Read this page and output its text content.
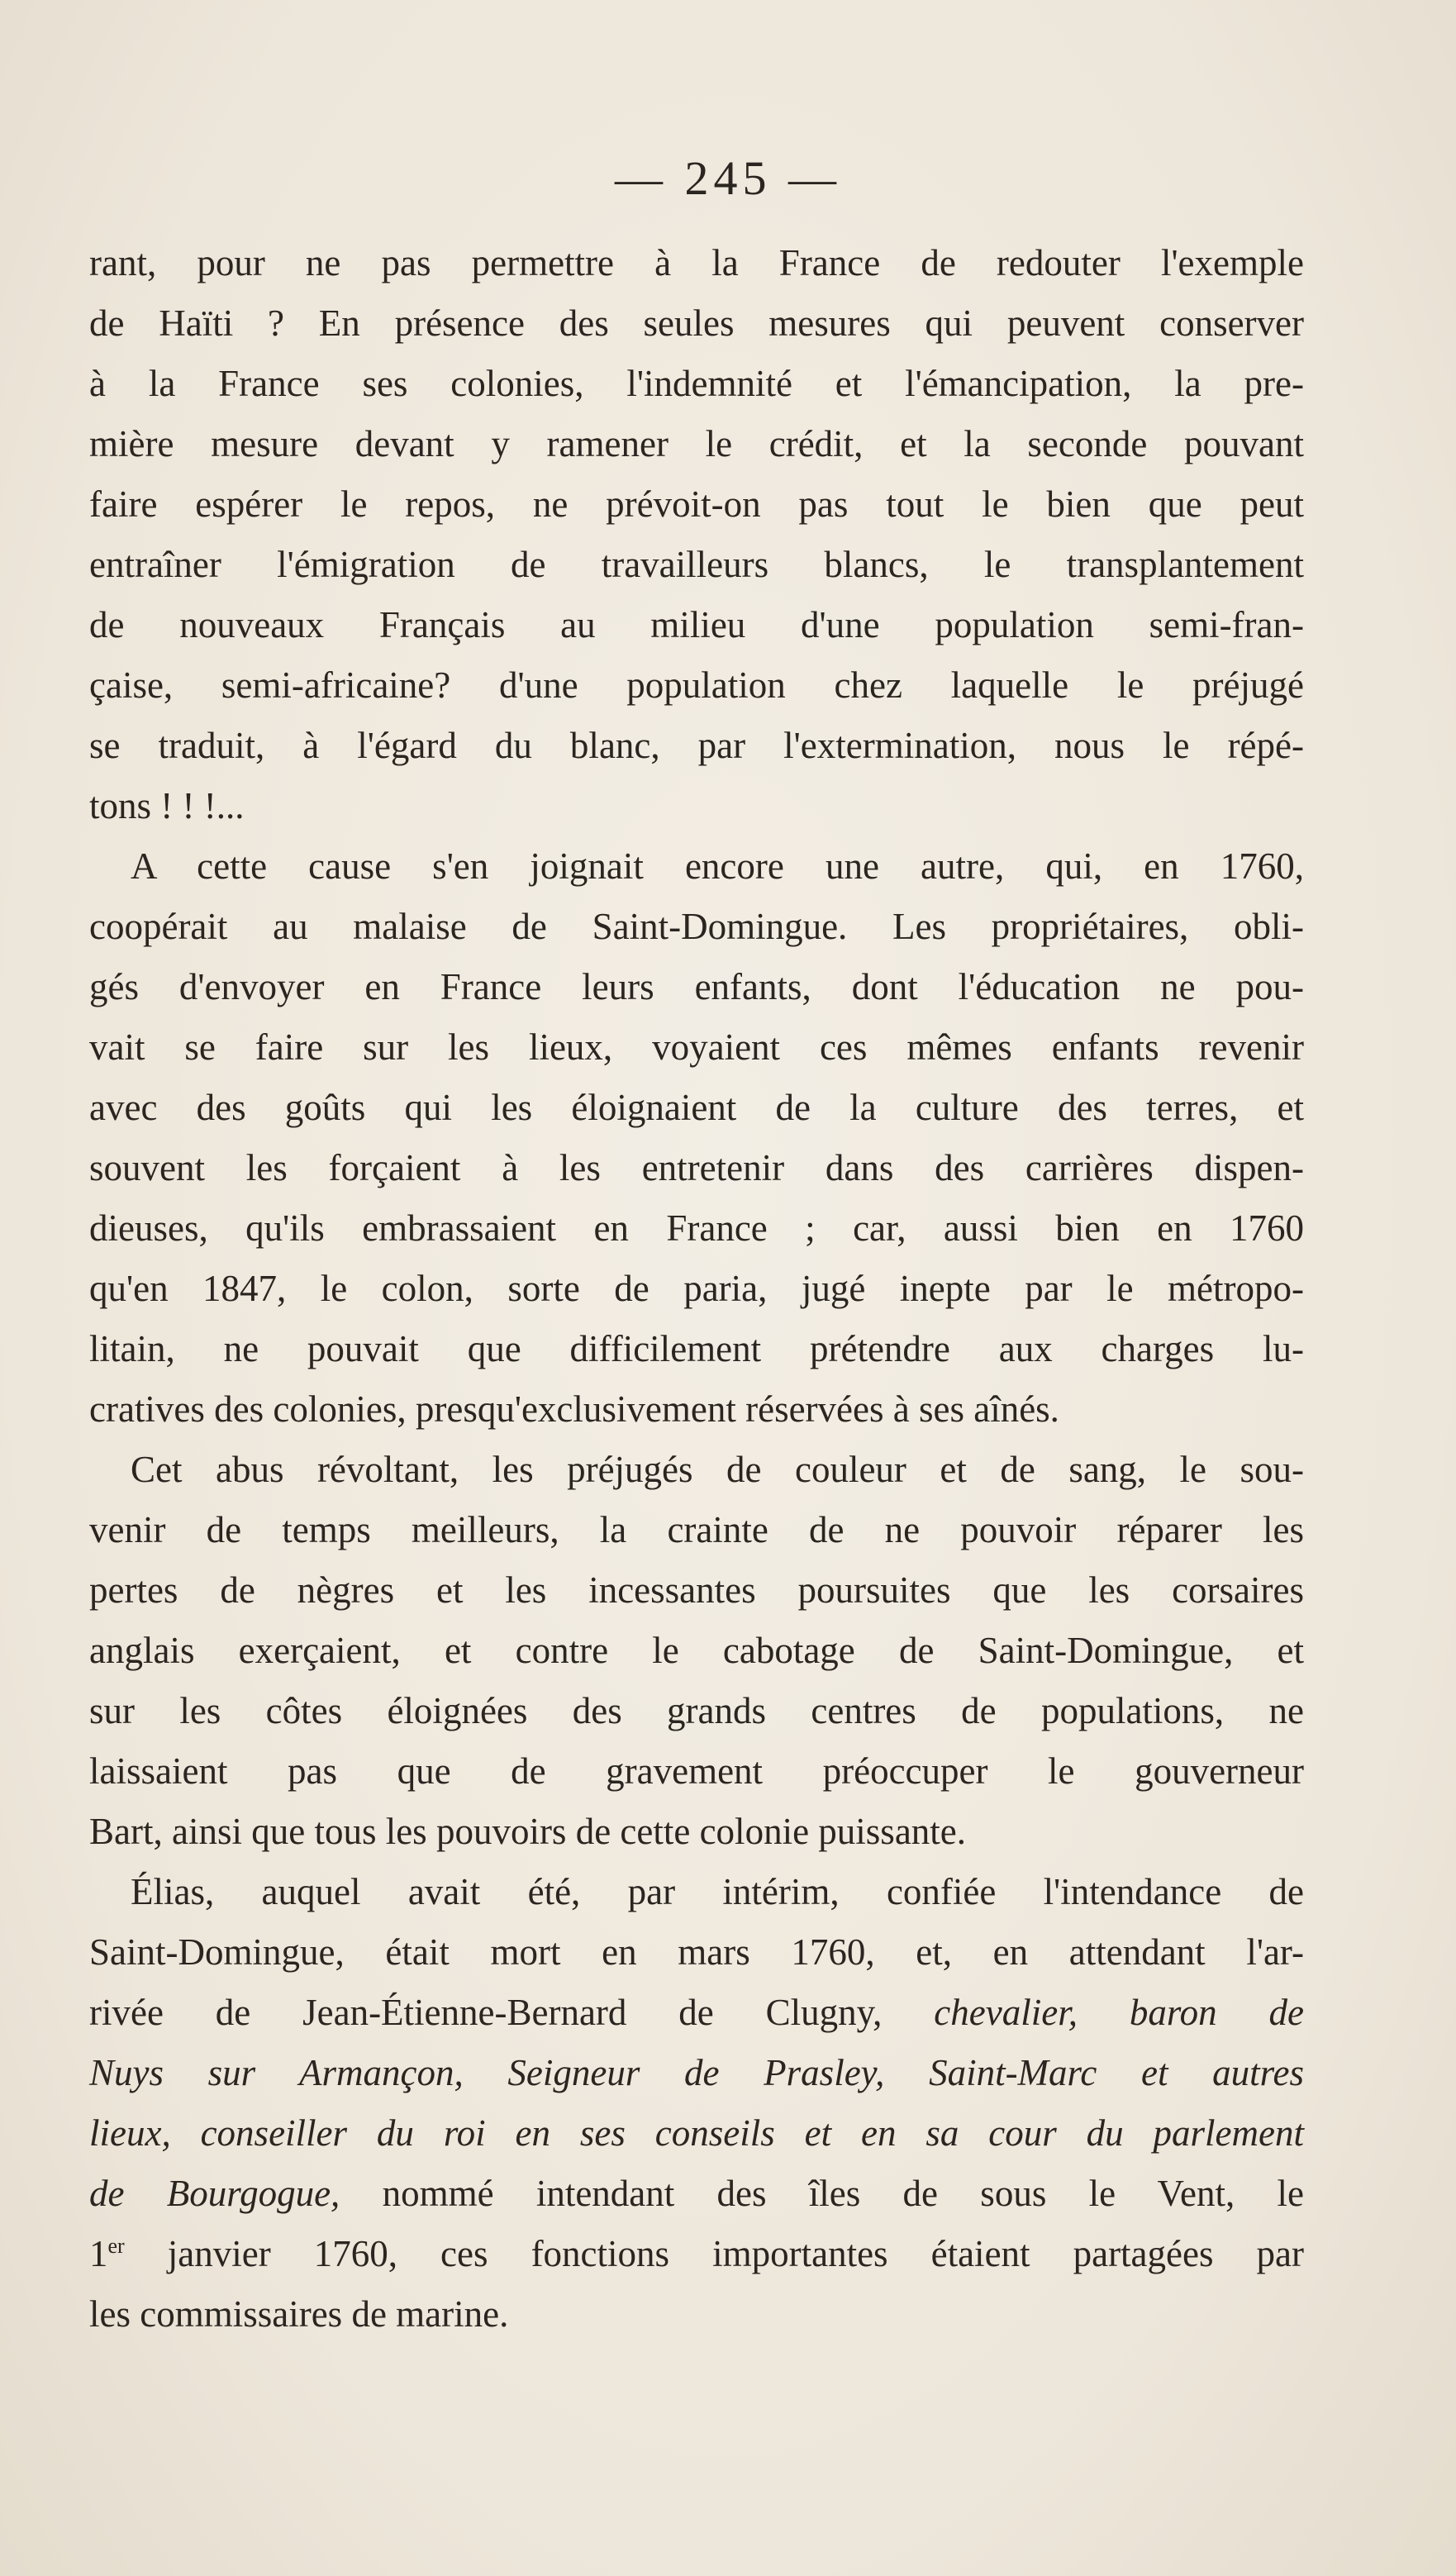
— 245 —
rant, pour ne pas permettre à la France de redouter l'exemple
de Haïti ? En présence des seules mesures qui peuvent conserver
à la France ses colonies, l'indemnité et l'émancipation, la pre-
mière mesure devant y ramener le crédit, et la seconde pouvant
faire espérer le repos, ne prévoit-on pas tout le bien que peut
entraîner l'émigration de travailleurs blancs, le transplantement
de nouveaux Français au milieu d'une population semi-fran-
çaise, semi-africaine? d'une population chez laquelle le préjugé
se traduit, à l'égard du blanc, par l'extermination, nous le répé-
tons ! ! !...
A cette cause s'en joignait encore une autre, qui, en 1760,
coopérait au malaise de Saint-Domingue. Les propriétaires, obli-
gés d'envoyer en France leurs enfants, dont l'éducation ne pou-
vait se faire sur les lieux, voyaient ces mêmes enfants revenir
avec des goûts qui les éloignaient de la culture des terres, et
souvent les forçaient à les entretenir dans des carrières dispen-
dieuses, qu'ils embrassaient en France ; car, aussi bien en 1760
qu'en 1847, le colon, sorte de paria, jugé inepte par le métropo-
litain, ne pouvait que difficilement prétendre aux charges lu-
cratives des colonies, presqu'exclusivement réservées à ses aînés.
Cet abus révoltant, les préjugés de couleur et de sang, le sou-
venir de temps meilleurs, la crainte de ne pouvoir réparer les
pertes de nègres et les incessantes poursuites que les corsaires
anglais exerçaient, et contre le cabotage de Saint-Domingue, et
sur les côtes éloignées des grands centres de populations, ne
laissaient pas que de gravement préoccuper le gouverneur
Bart, ainsi que tous les pouvoirs de cette colonie puissante.
Élias, auquel avait été, par intérim, confiée l'intendance de
Saint-Domingue, était mort en mars 1760, et, en attendant l'ar-
rivée de Jean-Étienne-Bernard de Clugny, chevalier, baron de
Nuys sur Armançon, Seigneur de Prasley, Saint-Marc et autres
lieux, conseiller du roi en ses conseils et en sa cour du parlement
de Bourgogue, nommé intendant des îles de sous le Vent, le
1er janvier 1760, ces fonctions importantes étaient partagées par
les commissaires de marine.
